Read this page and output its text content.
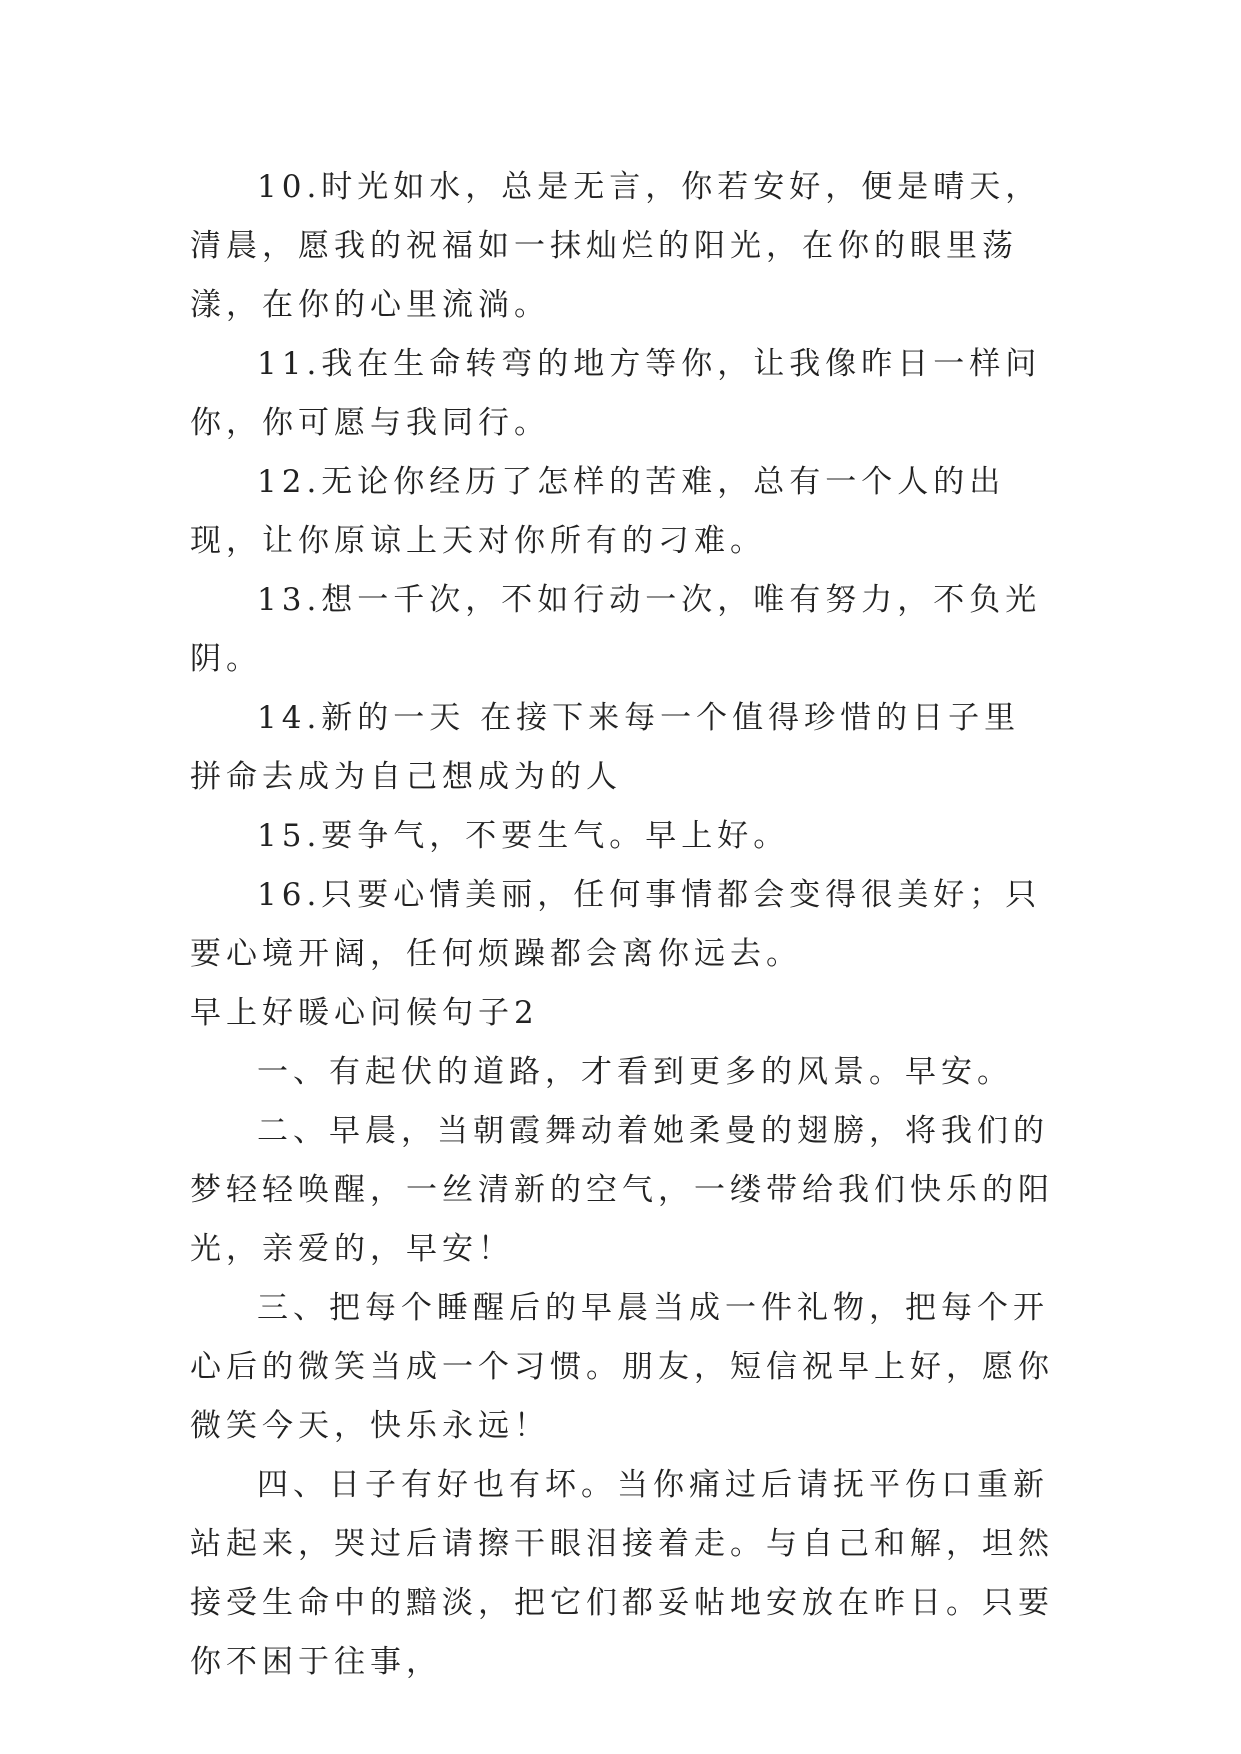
10.时光如水，总是无言，你若安好，便是晴天，清晨，愿我的祝福如一抹灿烂的阳光，在你的眼里荡漾，在你的心里流淌。

11.我在生命转弯的地方等你，让我像昨日一样问你，你可愿与我同行。

12.无论你经历了怎样的苦难，总有一个人的出现，让你原谅上天对你所有的刁难。

13.想一千次，不如行动一次，唯有努力，不负光阴。

14.新的一天 在接下来每一个值得珍惜的日子里 拼命去成为自己想成为的人

15.要争气，不要生气。早上好。

16.只要心情美丽，任何事情都会变得很美好；只要心境开阔，任何烦躁都会离你远去。

早上好暖心问候句子2

一、有起伏的道路，才看到更多的风景。早安。

二、早晨，当朝霞舞动着她柔曼的翅膀，将我们的梦轻轻唤醒，一丝清新的空气，一缕带给我们快乐的阳光，亲爱的，早安！

三、把每个睡醒后的早晨当成一件礼物，把每个开心后的微笑当成一个习惯。朋友，短信祝早上好，愿你微笑今天，快乐永远！

四、日子有好也有坏。当你痛过后请抚平伤口重新站起来，哭过后请擦干眼泪接着走。与自己和解，坦然接受生命中的黯淡，把它们都妥帖地安放在昨日。只要你不困于往事，
